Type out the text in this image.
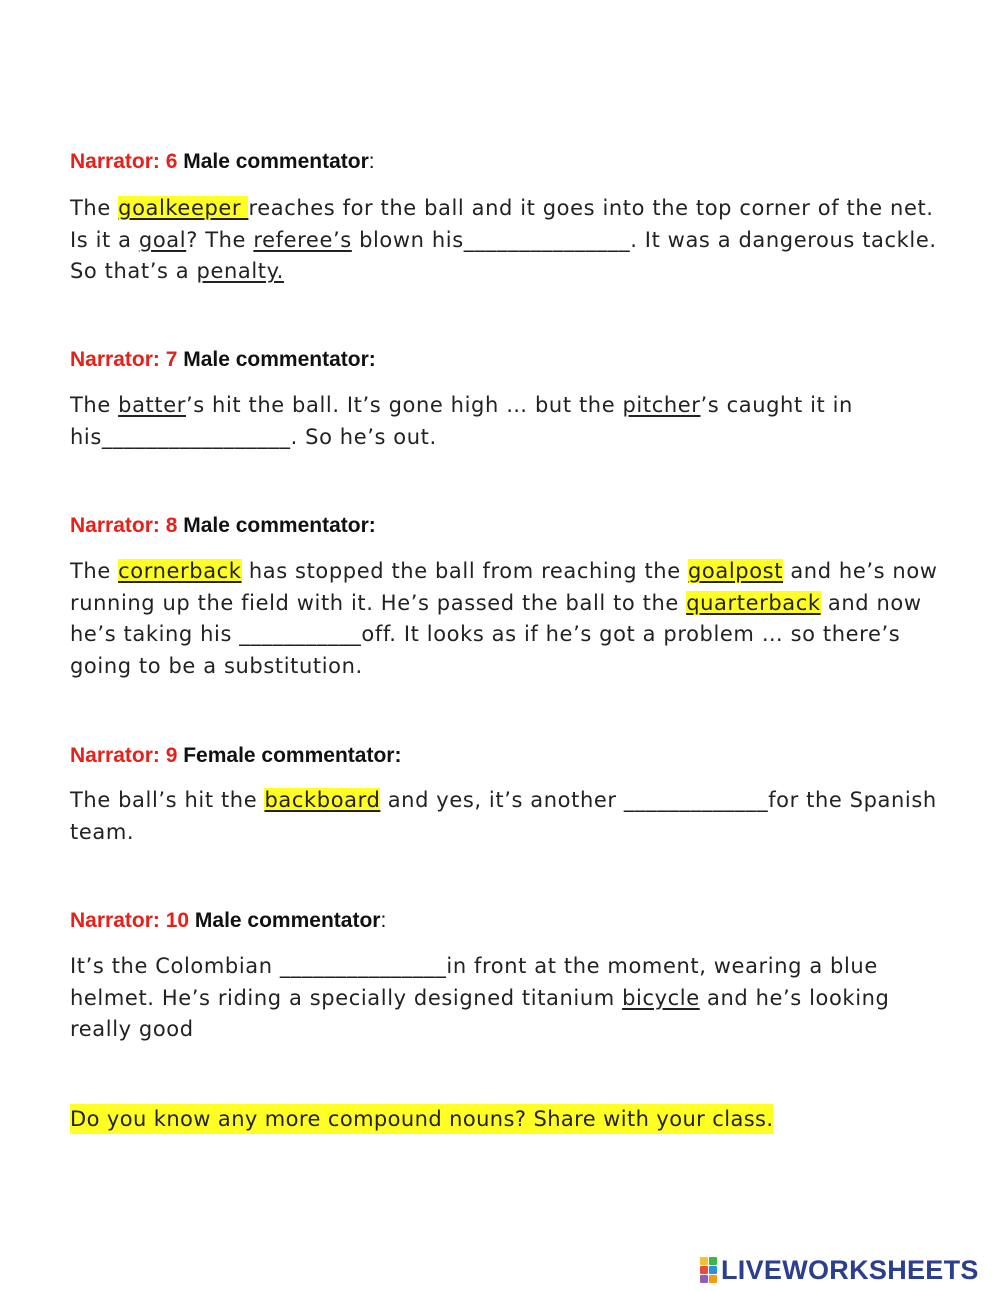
Narrator: 6 Male commentator:
The goalkeeper reaches for the ball and it goes into the top corner of the net. Is it a goal? The referee’s blown his_______________. It was a dangerous tackle. So that’s a penalty.
Narrator: 7 Male commentator:
The batter’s hit the ball. It’s gone high … but the pitcher’s caught it in his_________________. So he’s out.
Narrator: 8 Male commentator:
The cornerback has stopped the ball from reaching the goalpost and he’s now running up the field with it. He’s passed the ball to the quarterback and now he’s taking his ___________off. It looks as if he’s got a problem … so there’s going to be a substitution.
Narrator: 9 Female commentator:
The ball’s hit the backboard and yes, it’s another _____________for the Spanish team.
Narrator: 10 Male commentator:
It’s the Colombian _______________in front at the moment, wearing a blue helmet. He’s riding a specially designed titanium bicycle and he’s looking really good
Do you know any more compound nouns? Share with your class.
LIVEWORKSHEETS
